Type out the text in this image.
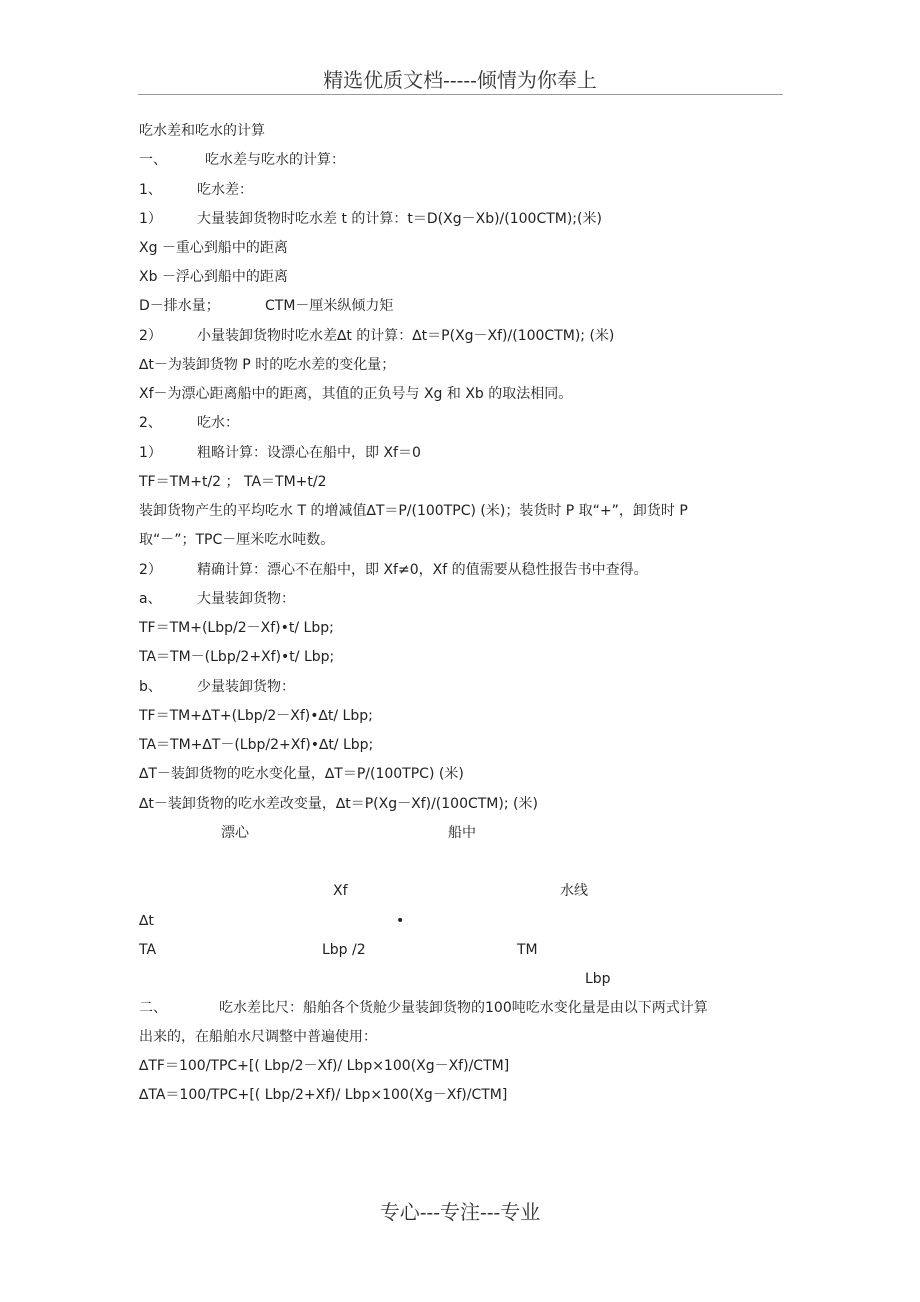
精选优质文档-----倾情为你奉上
吃水差和吃水的计算
一、	吃水差与吃水的计算：
1、	吃水差：
1）	大量装卸货物时吃水差 t 的计算：t＝D(Xg－Xb)/(100CTM);(米)
Xg －重心到船中的距离
Xb －浮心到船中的距离
D－排水量；	CTM－厘米纵倾力矩
2）	小量装卸货物时吃水差∆t 的计算：∆t＝P(Xg－Xf)/(100CTM); (米)
∆t－为装卸货物 P 时的吃水差的变化量；
Xf－为漂心距离船中的距离，其值的正负号与 Xg 和 Xb 的取法相同。
2、	吃水：
1）	粗略计算：设漂心在船中，即 Xf＝0
TF＝TM+t/2 ； TA＝TM+t/2
装卸货物产生的平均吃水 T 的增减值∆T＝P/(100TPC) (米)；装货时 P 取“+”，卸货时 P
取“－”；TPC－厘米吃水吨数。
2）	精确计算：漂心不在船中，即 Xf≠0，Xf 的值需要从稳性报告书中查得。
a、	大量装卸货物：
TF＝TM+(Lbp/2－Xf)•t/ Lbp;
TA＝TM－(Lbp/2+Xf)•t/ Lbp;
b、	少量装卸货物：
TF＝TM+∆T+(Lbp/2－Xf)•∆t/ Lbp;
TA＝TM+∆T－(Lbp/2+Xf)•∆t/ Lbp;
∆T－装卸货物的吃水变化量，∆T＝P/(100TPC) (米)
∆t－装卸货物的吃水差改变量，∆t＝P(Xg－Xf)/(100CTM); (米)
漂心	船中
Xf	水线
∆t	•
TA	Lbp /2	TM
Lbp
二、	吃水差比尺：船舶各个货舱少量装卸货物的100吨吃水变化量是由以下两式计算
出来的，在船舶水尺调整中普遍使用：
∆TF＝100/TPC+[( Lbp/2－Xf)/ Lbp×100(Xg－Xf)/CTM]
∆TA＝100/TPC+[( Lbp/2+Xf)/ Lbp×100(Xg－Xf)/CTM]
专心---专注---专业
